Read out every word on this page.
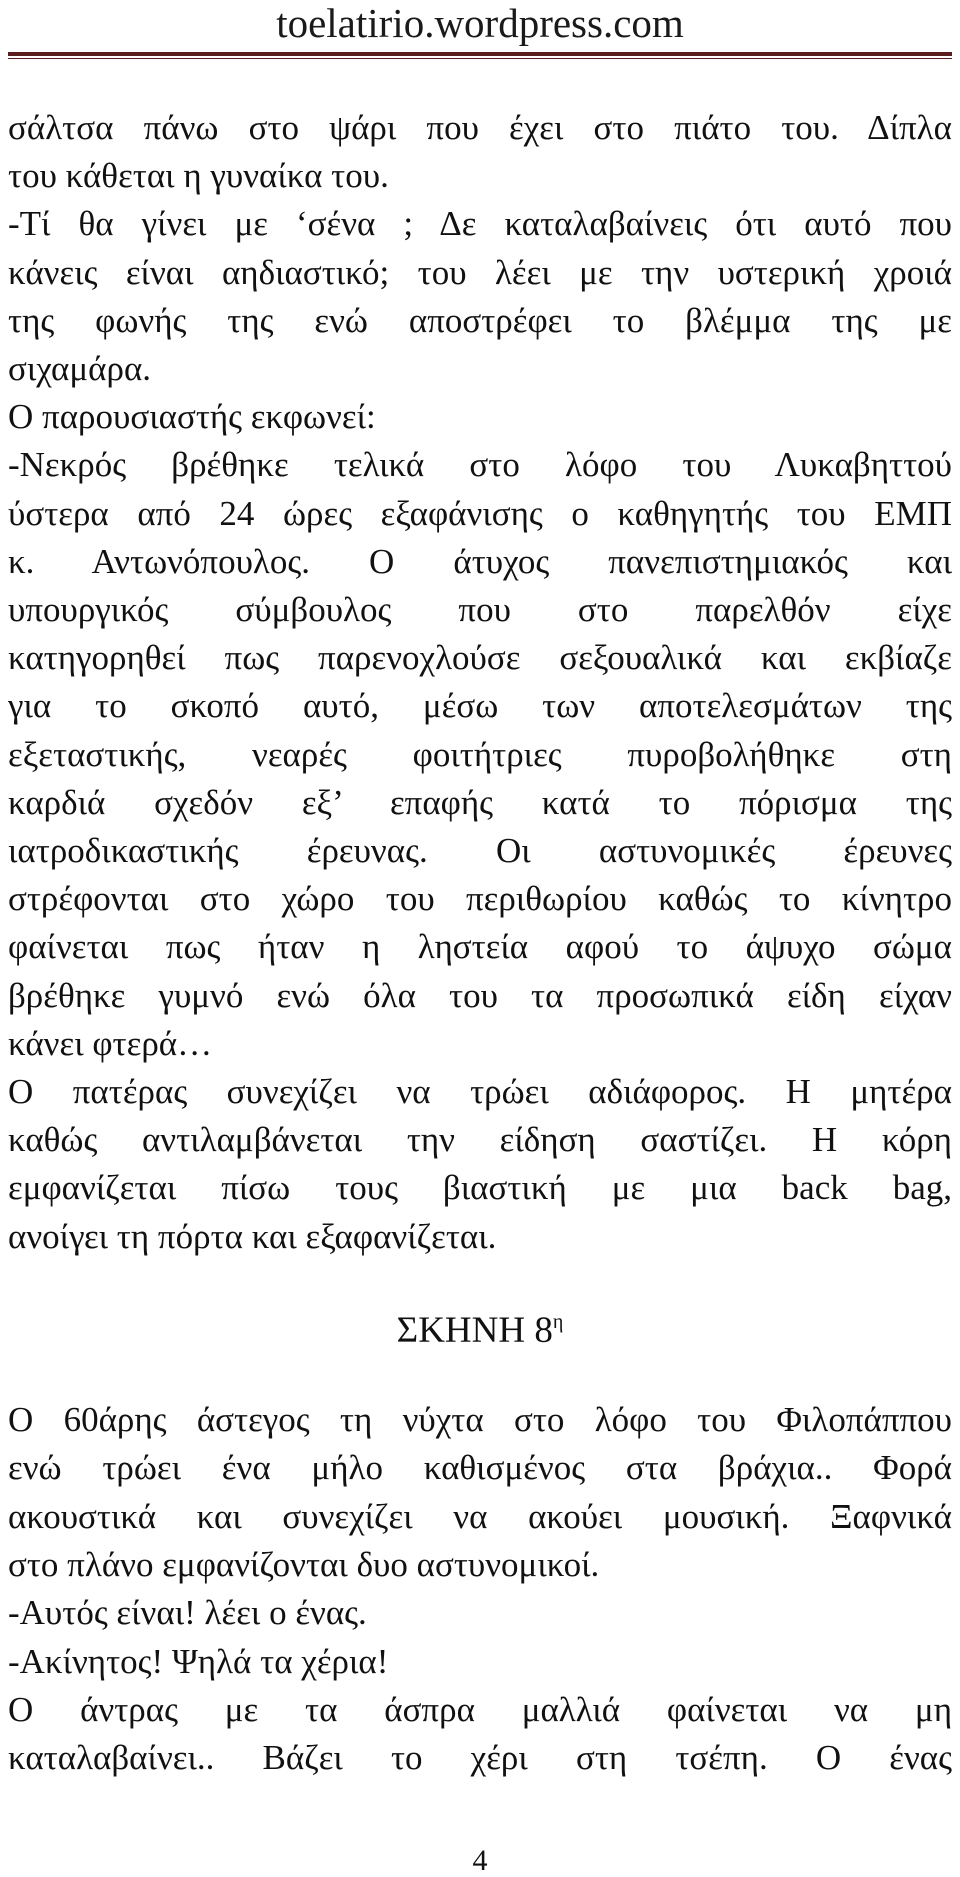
toelatirio.wordpress.com
σάλτσα πάνω στο ψάρι που έχει στο πιάτο του. Δίπλα
του κάθεται η γυναίκα του.
-Τί θα γίνει με ‘σένα ; Δε καταλαβαίνεις ότι αυτό που
κάνεις είναι αηδιαστικό; του λέει με την υστερική χροιά
της φωνής της ενώ αποστρέφει το βλέμμα της με
σιχαμάρα.
Ο παρουσιαστής εκφωνεί:
-Νεκρός βρέθηκε τελικά στο λόφο του Λυκαβηττού
ύστερα από 24 ώρες εξαφάνισης ο καθηγητής του ΕΜΠ
κ. Αντωνόπουλος. Ο άτυχος πανεπιστημιακός και
υπουργικός σύμβουλος που στο παρελθόν είχε
κατηγορηθεί πως παρενοχλούσε σεξουαλικά και εκβίαζε
για το σκοπό αυτό, μέσω των αποτελεσμάτων της
εξεταστικής, νεαρές φοιτήτριες πυροβολήθηκε στη
καρδιά σχεδόν εξ’ επαφής κατά το πόρισμα της
ιατροδικαστικής έρευνας. Οι αστυνομικές έρευνες
στρέφονται στο χώρο του περιθωρίου καθώς το κίνητρο
φαίνεται πως ήταν η ληστεία αφού το άψυχο σώμα
βρέθηκε γυμνό ενώ όλα του τα προσωπικά είδη είχαν
κάνει φτερά…
Ο πατέρας συνεχίζει να τρώει αδιάφορος. Η μητέρα
καθώς αντιλαμβάνεται την είδηση σαστίζει. Η κόρη
εμφανίζεται πίσω τους βιαστική με μια back bag,
ανοίγει τη πόρτα και εξαφανίζεται.
ΣΚΗΝΗ $8^\eta$
Ο 60άρης άστεγος τη νύχτα στο λόφο του Φιλοπάππου
ενώ τρώει ένα μήλο καθισμένος στα βράχια.. Φορά
ακουστικά και συνεχίζει να ακούει μουσική. Ξαφνικά
στο πλάνο εμφανίζονται δυο αστυνομικοί.
-Αυτός είναι! λέει ο ένας.
-Ακίνητος! Ψηλά τα χέρια!
Ο άντρας με τα άσπρα μαλλιά φαίνεται να μη
καταλαβαίνει.. Βάζει το χέρι στη τσέπη. Ο ένας
4
